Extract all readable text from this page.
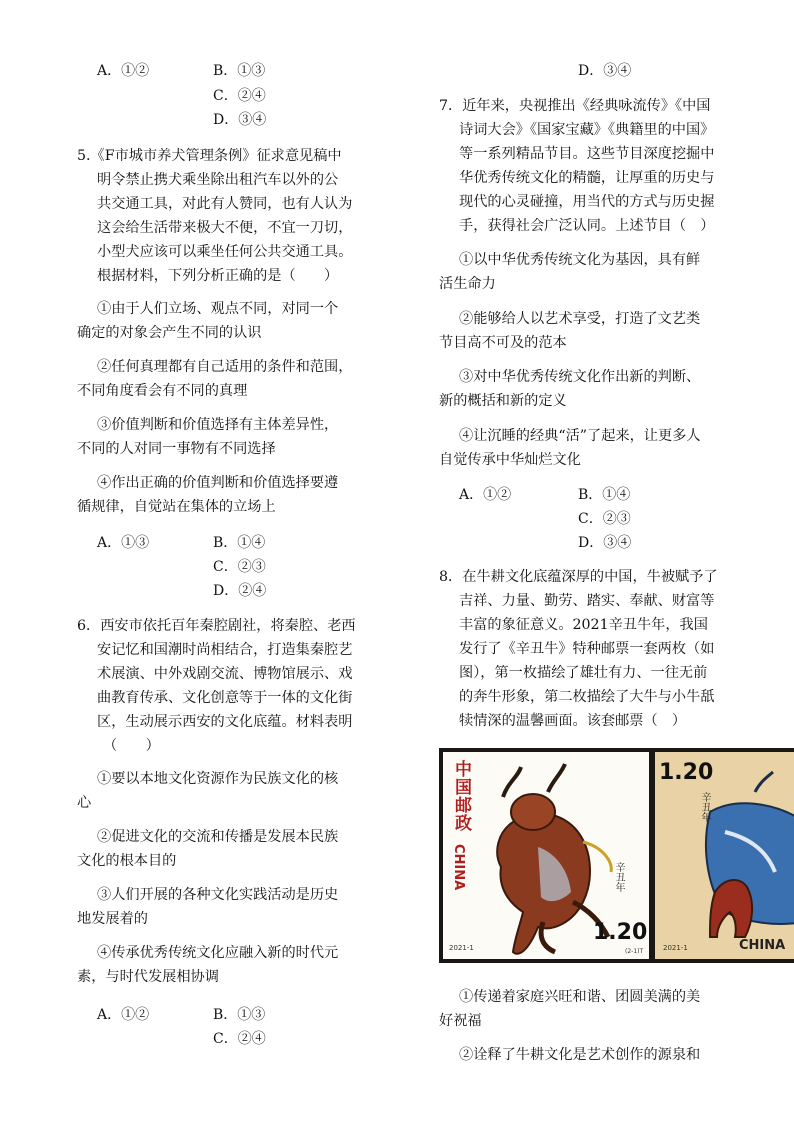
A．①②	B．①③
C．②④
D．③④
5.《F市城市养犬管理条例》征求意见稿中
明令禁止携犬乘坐除出租汽车以外的公
共交通工具，对此有人赞同，也有人认为
这会给生活带来极大不便，不宜一刀切，
小型犬应该可以乘坐任何公共交通工具。
根据材料，下列分析正确的是（　　）
①由于人们立场、观点不同，对同一个
确定的对象会产生不同的认识
②任何真理都有自己适用的条件和范围，
不同角度看会有不同的真理
③价值判断和价值选择有主体差异性，
不同的人对同一事物有不同选择
④作出正确的价值判断和价值选择要遵
循规律，自觉站在集体的立场上
A．①③	B．①④
C．②③
D．②④
6．西安市依托百年秦腔剧社，将秦腔、老西
安记忆和国潮时尚相结合，打造集秦腔艺
术展演、中外戏剧交流、博物馆展示、戏
曲教育传承、文化创意等于一体的文化街
区，生动展示西安的文化底蕴。材料表明
（　　）
①要以本地文化资源作为民族文化的核
心
②促进文化的交流和传播是发展本民族
文化的根本目的
③人们开展的各种文化实践活动是历史
地发展着的
④传承优秀传统文化应融入新的时代元
素，与时代发展相协调
A．①②	B．①③
C．②④
D．③④
7．近年来，央视推出《经典咏流传》《中国
诗词大会》《国家宝藏》《典籍里的中国》
等一系列精品节目。这些节目深度挖掘中
华优秀传统文化的精髓，让厚重的历史与
现代的心灵碰撞，用当代的方式与历史握
手，获得社会广泛认同。上述节目（　）
①以中华优秀传统文化为基因，具有鲜
活生命力
②能够给人以艺术享受，打造了文艺类
节目高不可及的范本
③对中华优秀传统文化作出新的判断、
新的概括和新的定义
④让沉睡的经典“活”了起来，让更多人
自觉传承中华灿烂文化
A．①②	B．①④
C．②③
D．③④
8．在牛耕文化底蕴深厚的中国，牛被赋予了
吉祥、力量、勤劳、踏实、奉献、财富等
丰富的象征意义。2021辛丑牛年，我国
发行了《辛丑牛》特种邮票一套两枚（如
图），第一枚描绘了雄壮有力、一往无前
的奔牛形象，第二枚描绘了大牛与小牛舐
犊情深的温馨画面。该套邮票（　）
中国邮政
CHINA	辛丑年
1.20
2021-1	(2-1)T
1.20
辛丑年
2021-1	CHINA
①传递着家庭兴旺和谐、团圆美满的美
好祝福
②诠释了牛耕文化是艺术创作的源泉和
